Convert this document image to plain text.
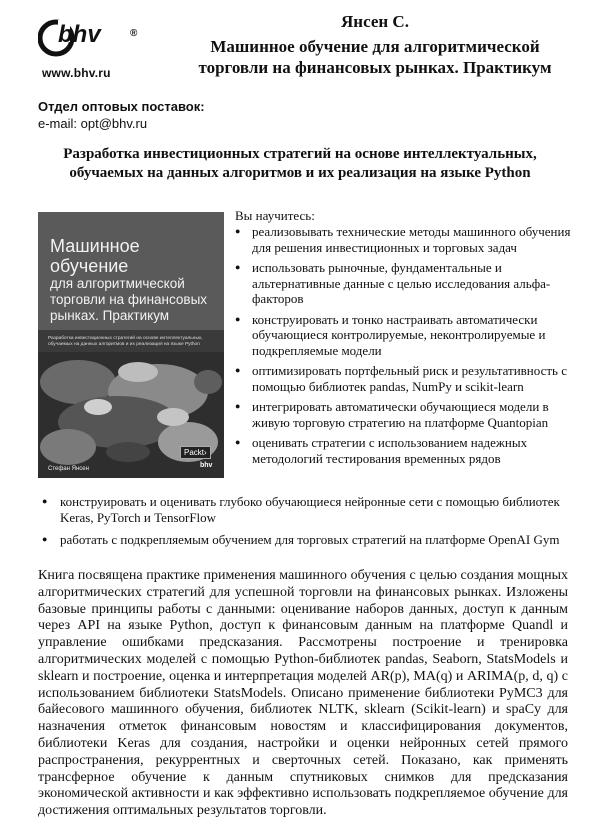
bhv	®
www.bhv.ru
Янсен С.
Машинное обучение для алгоритмической
торговли на финансовых рынках. Практикум
Отдел оптовых поставок:
e-mail: opt@bhv.ru
Разработка инвестиционных стратегий на основе интеллектуальных,
обучаемых на данных алгоритмов и их реализация на языке Python
Машинное обучение
для алгоритмической
торговли на финансовых
рынках. Практикум
Разработка инвестиционных стратегий на основе интеллектуальных, обучаемых на данных алгоритмов и их реализация на языке Python
Packt›
Стефан Янсен	bhv
Вы научитесь:
● реализовывать технические методы машинного обучения для решения инвестиционных и торговых задач
● использовать рыночные, фундаментальные и альтернативные данные с целью исследования альфа-факторов
● конструировать и тонко настраивать автоматически обучающиеся контролируемые, неконтролируемые и подкрепляемые модели
● оптимизировать портфельный риск и результативность с помощью библиотек pandas, NumPy и scikit-learn
● интегрировать автоматически обучающиеся модели в живую торговую стратегию на платформе Quantopian
● оценивать стратегии с использованием надежных методологий тестирования временных рядов
● конструировать и оценивать глубоко обучающиеся нейронные сети с помощью библиотек Keras, PyTorch и TensorFlow
● работать с подкрепляемым обучением для торговых стратегий на платформе OpenAI Gym

Книга посвящена практике применения машинного обучения с целью создания мощных алгоритмических стратегий для успешной торговли на финансовых рынках. Изложены базовые принципы работы с данными: оценивание наборов данных, доступ к данным через API на языке Python, доступ к финансовым данным на платформе Quandl и управление ошибками предсказания. Рассмотрены построение и тренировка алгоритмических моделей с помощью Python-библиотек pandas, Seaborn, StatsModels и sklearn и построение, оценка и интерпретация моделей AR(p), MA(q) и ARIMA(p, d, q) с использованием библиотеки StatsModels. Описано применение библиотеки PyMC3 для байесового машинного обучения, библиотек NLTK, sklearn (Scikit-learn) и spaCy для назначения отметок финансовым новостям и классифицирования документов, библиотеки Keras для создания, настройки и оценки нейронных сетей прямого распространения, рекуррентных и сверточных сетей. Показано, как применять трансферное обучение к данным спутниковых снимков для предсказания экономической активности и как эффективно использовать подкрепляемое обучение для достижения оптимальных результатов торговли.
